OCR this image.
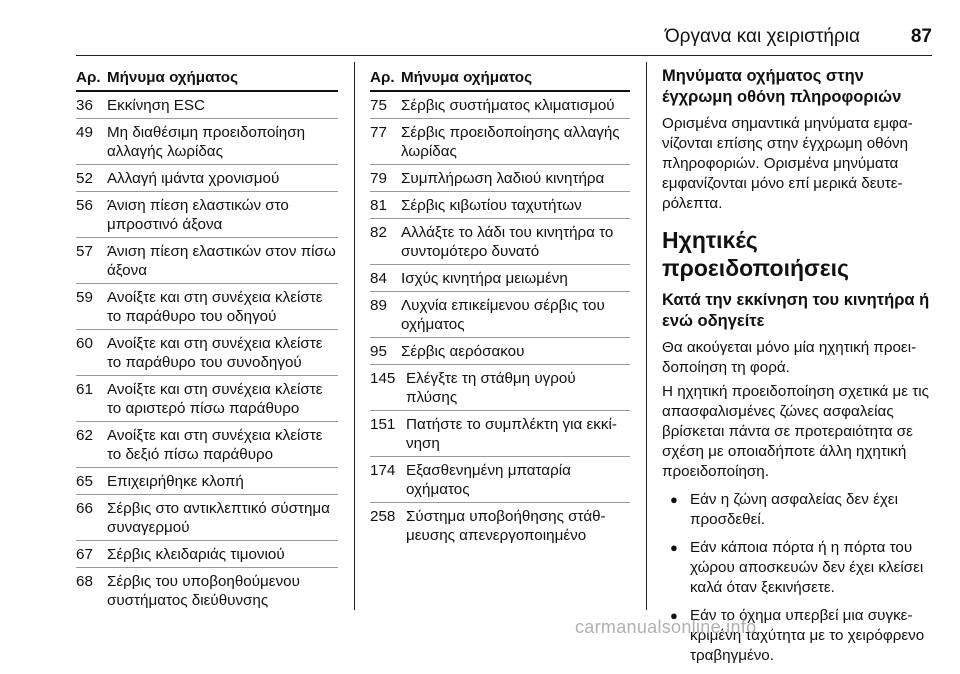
Όργανα και χειριστήρια	87
Αρ. Μήνυμα οχήματος
36 Εκκίνηση ESC
49 Μη διαθέσιμη προειδοποίηση αλλαγής λωρίδας
52 Αλλαγή ιμάντα χρονισμού
56 Άνιση πίεση ελαστικών στο μπροστινό άξονα
57 Άνιση πίεση ελαστικών στον πίσω άξονα
59 Ανοίξτε και στη συνέχεια κλείστε το παράθυρο του οδηγού
60 Ανοίξτε και στη συνέχεια κλείστε το παράθυρο του συνοδηγού
61 Ανοίξτε και στη συνέχεια κλείστε το αριστερό πίσω παράθυρο
62 Ανοίξτε και στη συνέχεια κλείστε το δεξιό πίσω παράθυρο
65 Επιχειρήθηκε κλοπή
66 Σέρβις στο αντικλεπτικό σύστημα συναγερμού
67 Σέρβις κλειδαριάς τιμονιού
68 Σέρβις του υποβοηθούμενου συστήματος διεύθυνσης
Αρ. Μήνυμα οχήματος
75 Σέρβις συστήματος κλιματισμού
77 Σέρβις προειδοποίησης αλλαγής λωρίδας
79 Συμπλήρωση λαδιού κινητήρα
81 Σέρβις κιβωτίου ταχυτήτων
82 Αλλάξτε το λάδι του κινητήρα το συντομότερο δυνατό
84 Ισχύς κινητήρα μειωμένη
89 Λυχνία επικείμενου σέρβις του οχήματος
95 Σέρβις αερόσακου
145 Ελέγξτε τη στάθμη υγρού πλύσης
151 Πατήστε το συμπλέκτη για εκκίνηση
174 Εξασθενημένη μπαταρία οχήματος
258 Σύστημα υποβοήθησης στάθμευσης απενεργοποιημένο
Μηνύματα οχήματος στην έγχρωμη οθόνη πληροφοριών

Ορισμένα σημαντικά μηνύματα εμφανίζονται επίσης στην έγχρωμη οθόνη πληροφοριών. Ορισμένα μηνύματα εμφανίζονται μόνο επί μερικά δευτερόλεπτα.

Ηχητικές προειδοποιήσεις
Κατά την εκκίνηση του κινητήρα ή ενώ οδηγείτε

Θα ακούγεται μόνο μία ηχητική προειδοποίηση τη φορά.

Η ηχητική προειδοποίηση σχετικά με τις απασφαλισμένες ζώνες ασφαλείας βρίσκεται πάντα σε προτεραιότητα σε σχέση με οποιαδήποτε άλλη ηχητική προειδοποίηση.

● Εάν η ζώνη ασφαλείας δεν έχει προσδεθεί.
● Εάν κάποια πόρτα ή η πόρτα του χώρου αποσκευών δεν έχει κλείσει καλά όταν ξεκινήσετε.
● Εάν το όχημα υπερβεί μια συγκεκριμένη ταχύτητα με το χειρόφρενο τραβηγμένο.
carmanualsonline.info
